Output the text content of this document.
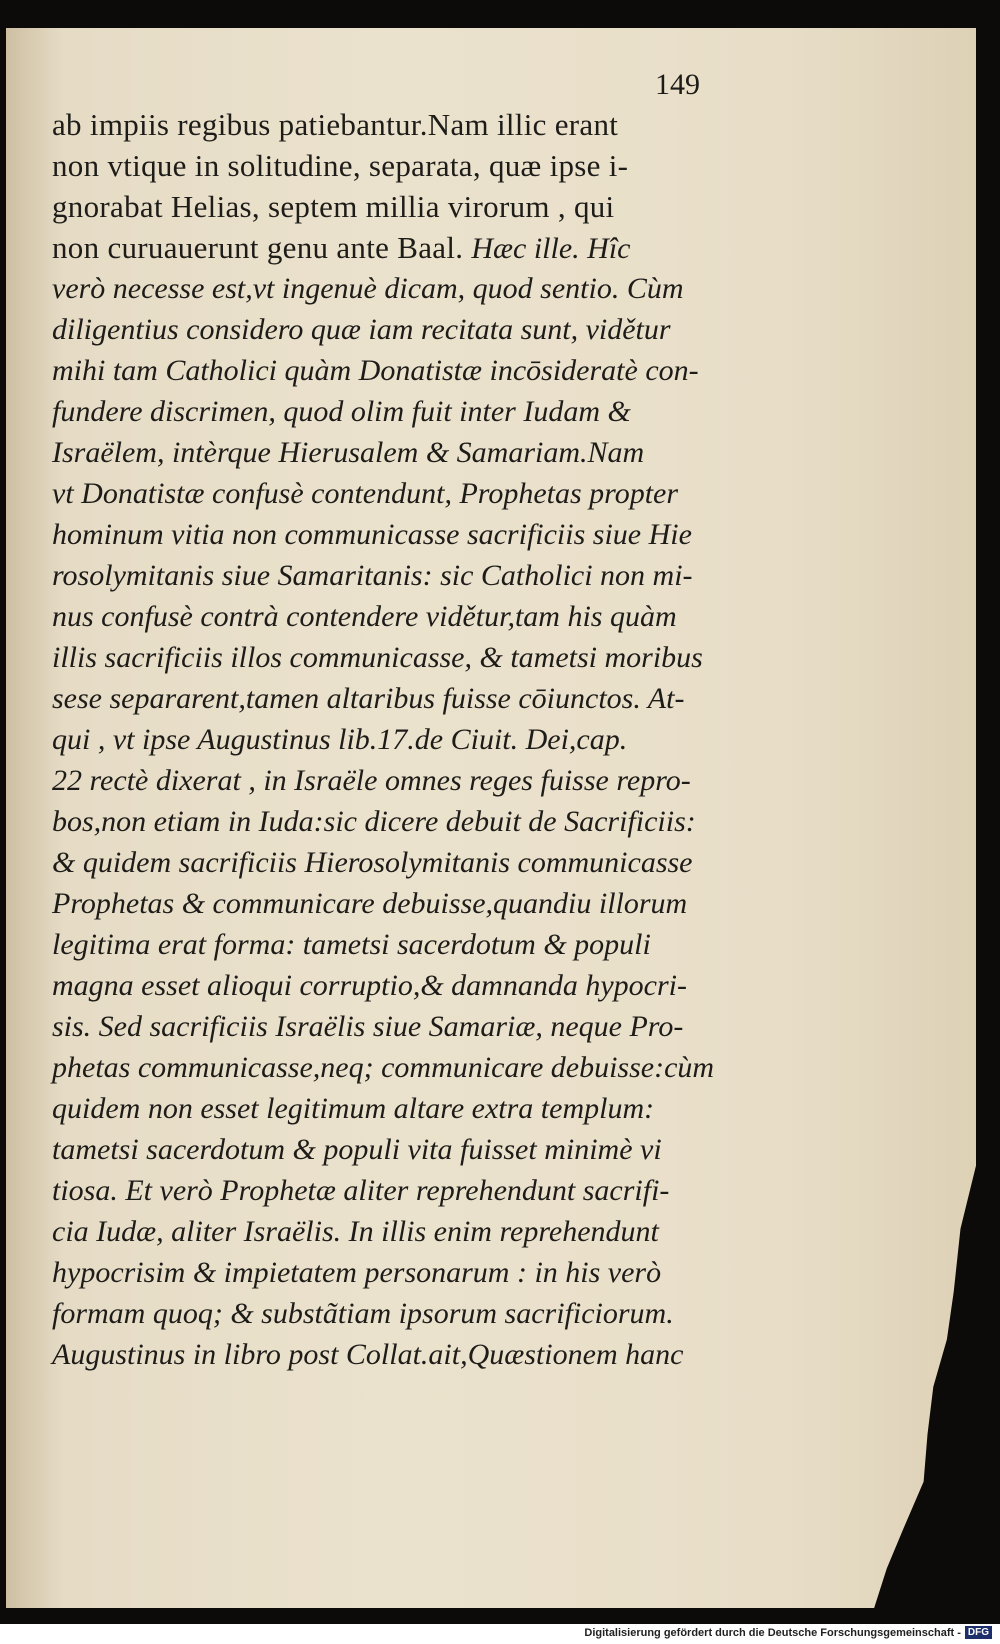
149
ab impiis regibus patiebantur.Nam illic erant
non vtique in solitudine, separata, quæ ipse i-
gnorabat Helias, septem millia virorum , qui
non curuauerunt genu ante Baal. Hæc ille. Hîc
verò necesse est,vt ingenuè dicam, quod sentio. Cùm
diligentius considero quæ iam recitata sunt, vidětur
mihi tam Catholici quàm Donatistæ incōsideratè con-
fundere discrimen, quod olim fuit inter Iudam &
Israëlem, intèrque Hierusalem & Samariam.Nam
vt Donatistæ confusè contendunt, Prophetas propter
hominum vitia non communicasse sacrificiis siue Hie
rosolymitanis siue Samaritanis: sic Catholici non mi-
nus confusè contrà contendere vidětur,tam his quàm
illis sacrificiis illos communicasse, & tametsi moribus
sese separarent,tamen altaribus fuisse cōiunctos. At-
qui , vt ipse Augustinus lib.17.de Ciuit. Dei,cap.
22 rectè dixerat , in Israële omnes reges fuisse repro-
bos,non etiam in Iuda:sic dicere debuit de Sacrificiis:
& quidem sacrificiis Hierosolymitanis communicasse
Prophetas & communicare debuisse,quandiu illorum
legitima erat forma: tametsi sacerdotum & populi
magna esset alioqui corruptio,& damnanda hypocri-
sis. Sed sacrificiis Israëlis siue Samariæ, neque Pro-
phetas communicasse,neq; communicare debuisse:cùm
quidem non esset legitimum altare extra templum:
tametsi sacerdotum & populi vita fuisset minimè vi
tiosa. Et verò Prophetæ aliter reprehendunt sacrifi-
cia Iudæ, aliter Israëlis. In illis enim reprehendunt
hypocrisim & impietatem personarum : in his verò
formam quoq; & substãtiam ipsorum sacrificiorum.
Augustinus in libro post Collat.ait,Quæstionem hanc
Digitalisierung gefördert durch die Deutsche Forschungsgemeinschaft - DFG
